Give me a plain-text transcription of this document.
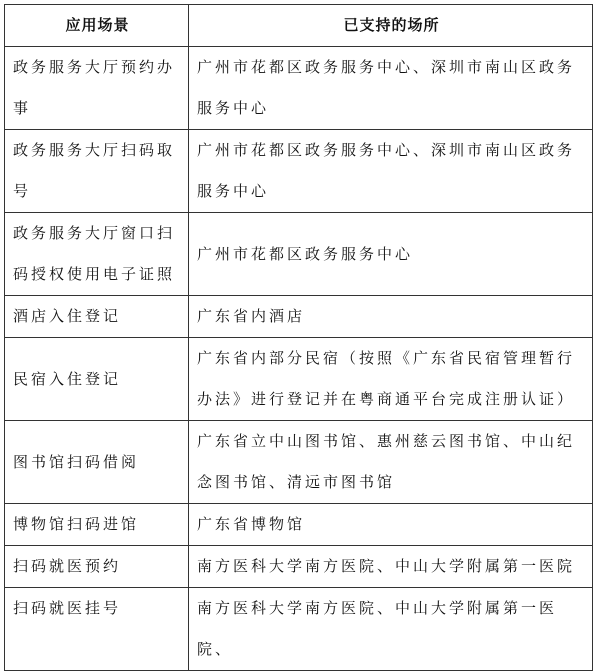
应用场景	已支持的场所
政务服务大厅预约办事	广州市花都区政务服务中心、深圳市南山区政务服务中心
政务服务大厅扫码取号	广州市花都区政务服务中心、深圳市南山区政务服务中心
政务服务大厅窗口扫码授权使用电子证照	广州市花都区政务服务中心
酒店入住登记	广东省内酒店
民宿入住登记	广东省内部分民宿（按照《广东省民宿管理暂行办法》进行登记并在粤商通平台完成注册认证）
图书馆扫码借阅	广东省立中山图书馆、惠州慈云图书馆、中山纪念图书馆、清远市图书馆
博物馆扫码进馆	广东省博物馆
扫码就医预约	南方医科大学南方医院、中山大学附属第一医院
扫码就医挂号	南方医科大学南方医院、中山大学附属第一医院、
